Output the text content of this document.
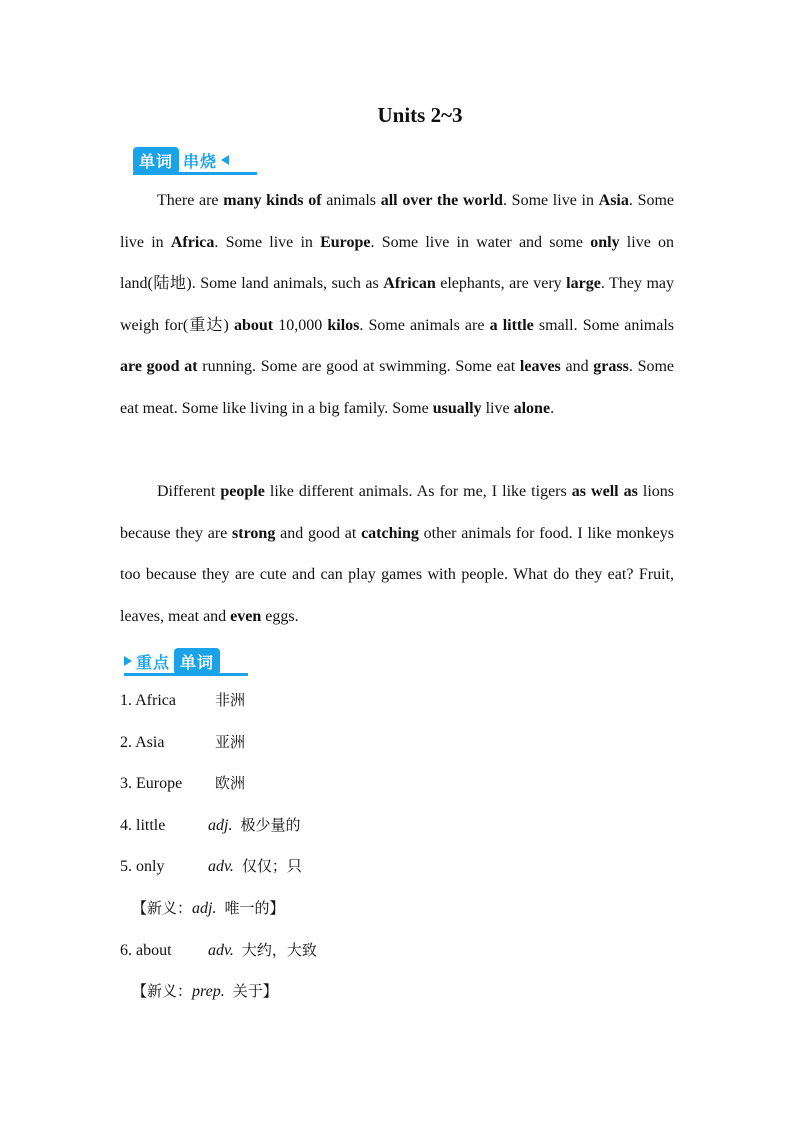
Units 2~3
单词 串烧

There are many kinds of animals all over the world. Some live in Asia. Some live in Africa. Some live in Europe. Some live in water and some only live on land(陆地). Some land animals, such as African elephants, are very large. They may weigh for(重达) about 10,000 kilos. Some animals are a little small. Some animals are good at running. Some are good at swimming. Some eat leaves and grass. Some eat meat. Some like living in a big family. Some usually live alone.

Different people like different animals. As for me, I like tigers as well as lions because they are strong and good at catching other animals for food. I like monkeys too because they are cute and can play games with people. What do they eat? Fruit, leaves, meat and even eggs.

重点 单词
1. Africa	非洲
2. Asia	亚洲
3. Europe 欧洲
4. little	adj. 极少量的
5. only	adv. 仅仅；只
【新义：adj. 唯一的】
6. about adv. 大约，大致
【新义：prep. 关于】
